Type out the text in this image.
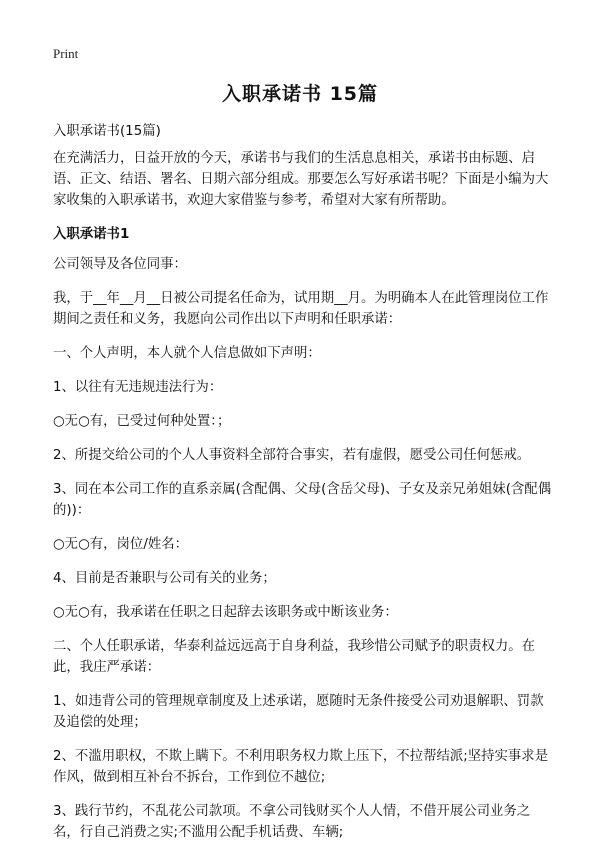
Print
入职承诺书 15篇

入职承诺书(15篇)

在充满活力，日益开放的今天，承诺书与我们的生活息息相关，承诺书由标题、启语、正文、结语、署名、日期六部分组成。那要怎么写好承诺书呢？下面是小编为大家收集的入职承诺书，欢迎大家借鉴与参考，希望对大家有所帮助。

入职承诺书1

公司领导及各位同事：

我，于__年__月__日被公司提名任命为，试用期__月。为明确本人在此管理岗位工作期间之责任和义务，我愿向公司作出以下声明和任职承诺：

一、个人声明，本人就个人信息做如下声明：

1、以往有无违规违法行为：

○无○有，已受过何种处置：；

2、所提交给公司的个人人事资料全部符合事实，若有虚假，愿受公司任何惩戒。

3、同在本公司工作的直系亲属(含配偶、父母(含岳父母)、子女及亲兄弟姐妹(含配偶的))：

○无○有，岗位/姓名：

4、目前是否兼职与公司有关的业务；

○无○有，我承诺在任职之日起辞去该职务或中断该业务：

二、个人任职承诺，华泰利益远远高于自身利益，我珍惜公司赋予的职责权力。在此，我庄严承诺：

1、如违背公司的管理规章制度及上述承诺，愿随时无条件接受公司劝退解职、罚款及追偿的处理；

2、不滥用职权，不欺上瞒下。不利用职务权力欺上压下，不拉帮结派;坚持实事求是作风，做到相互补台不拆台，工作到位不越位;

3、践行节约，不乱花公司款项。不拿公司钱财买个人人情，不借开展公司业务之名，行自己消费之实;不滥用公配手机话费、车辆;
